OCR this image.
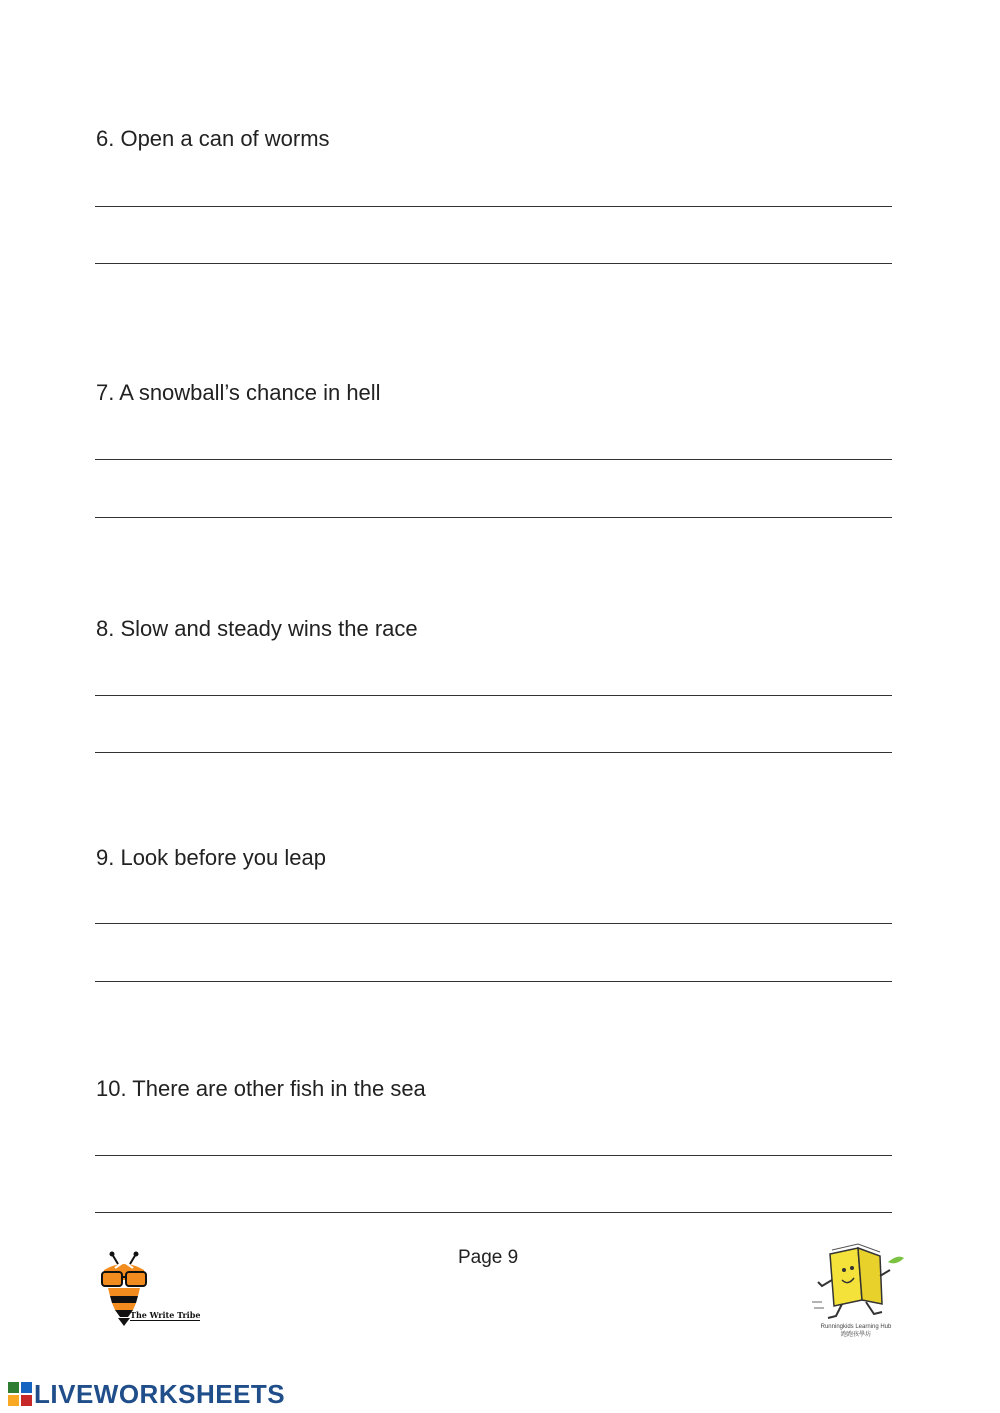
6. Open a can of worms
7. A snowball’s chance in hell
8. Slow and steady wins the race
9. Look before you leap
10. There are other fish in the sea
Page 9
The Write Tribe
Runningkids Learning Hub
跑跑孩學坊
LIVEWORKSHEETS
